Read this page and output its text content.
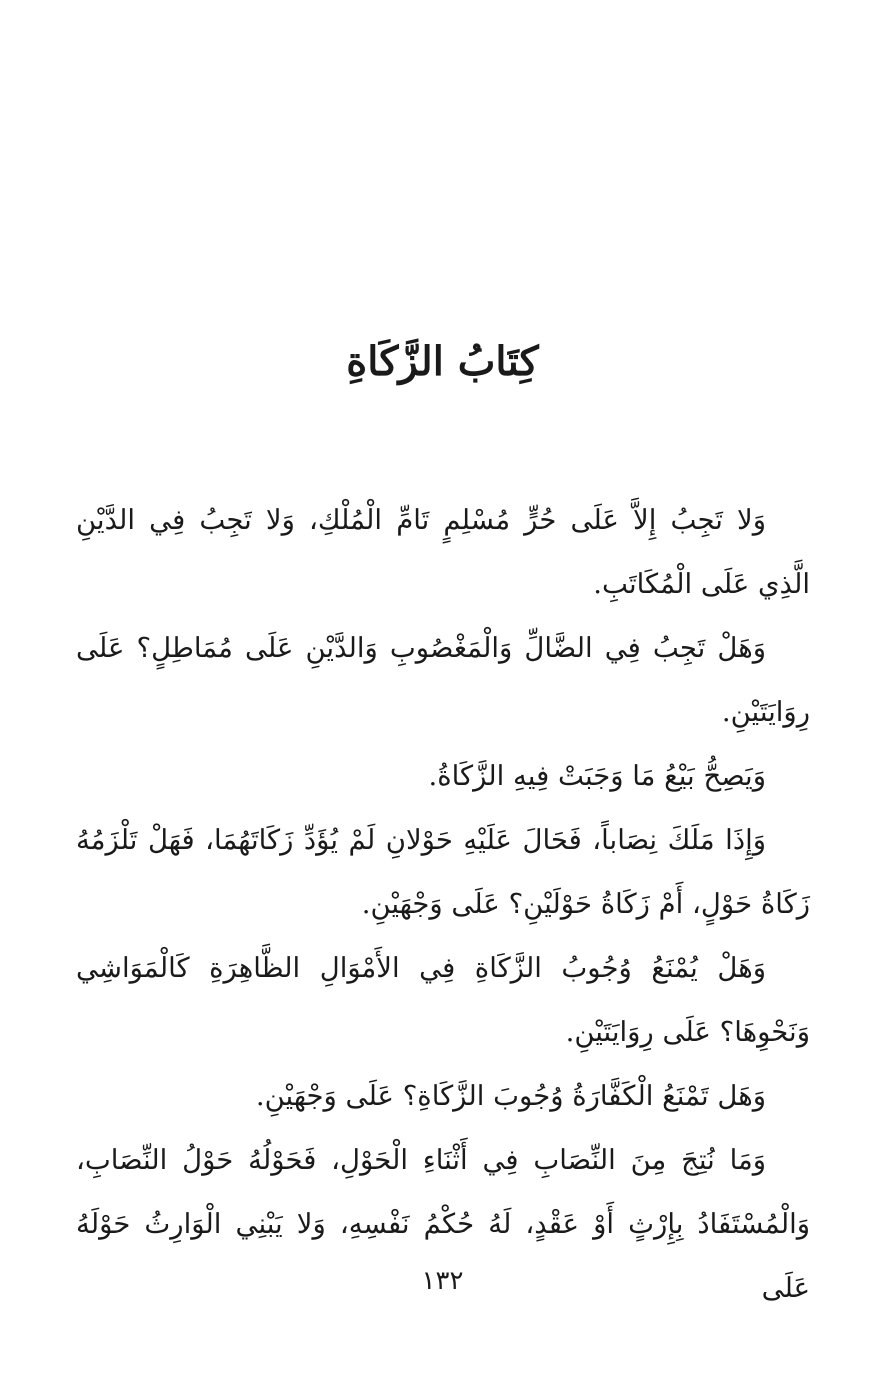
كِتَابُ الزَّكَاةِ

وَلا تَجِبُ إِلاَّ عَلَى حُرٍّ مُسْلِمٍ تَامِّ الْمُلْكِ، وَلا تَجِبُ فِي الدَّيْنِ الَّذِي عَلَى الْمُكَاتَبِ.

وَهَلْ تَجِبُ فِي الضَّالِّ وَالْمَغْصُوبِ وَالدَّيْنِ عَلَى مُمَاطِلٍ؟ عَلَى رِوَايَتَيْنِ.

وَيَصِحُّ بَيْعُ مَا وَجَبَتْ فِيهِ الزَّكَاةُ.

وَإِذَا مَلَكَ نِصَاباً، فَحَالَ عَلَيْهِ حَوْلانِ لَمْ يُؤَدِّ زَكَاتَهُمَا، فَهَلْ تَلْزَمُهُ زَكَاةُ حَوْلٍ، أَمْ زَكَاةُ حَوْلَيْنِ؟ عَلَى وَجْهَيْنِ.

وَهَلْ يُمْنَعُ وُجُوبُ الزَّكَاةِ فِي الأَمْوَالِ الظَّاهِرَةِ كَالْمَوَاشِي وَنَحْوِهَا؟ عَلَى رِوَايَتَيْنِ.

وَهَل تَمْنَعُ الْكَفَّارَةُ وُجُوبَ الزَّكَاةِ؟ عَلَى وَجْهَيْنِ.

وَمَا نُتِجَ مِنَ النِّصَابِ فِي أَثْنَاءِ الْحَوْلِ، فَحَوْلُهُ حَوْلُ النِّصَابِ، وَالْمُسْتَفَادُ بِإِرْثٍ أَوْ عَقْدٍ، لَهُ حُكْمُ نَفْسِهِ، وَلا يَبْنِي الْوَارِثُ حَوْلَهُ عَلَى

١٣٢
